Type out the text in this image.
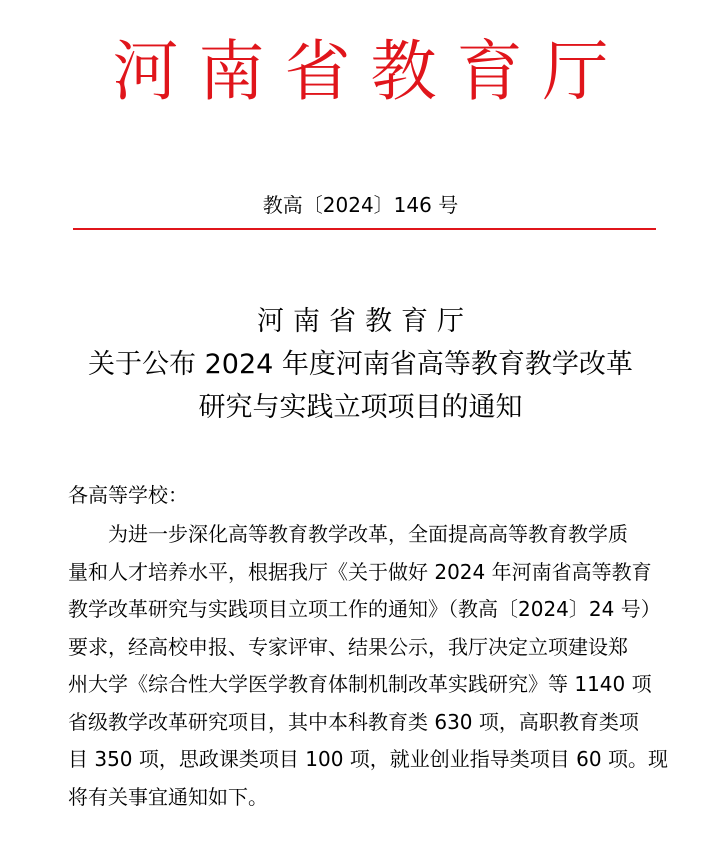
河南省教育厅
教高〔2024〕146 号
河南省教育厅
关于公布 2024 年度河南省高等教育教学改革
研究与实践立项项目的通知
各高等学校：
为进一步深化高等教育教学改革，全面提高高等教育教学质
量和人才培养水平，根据我厅《关于做好 2024 年河南省高等教育
教学改革研究与实践项目立项工作的通知》（教高〔2024〕24 号）
要求，经高校申报、专家评审、结果公示，我厅决定立项建设郑
州大学《综合性大学医学教育体制机制改革实践研究》等 1140 项
省级教学改革研究项目，其中本科教育类 630 项，高职教育类项
目 350 项，思政课类项目 100 项，就业创业指导类项目 60 项。现
将有关事宜通知如下。
